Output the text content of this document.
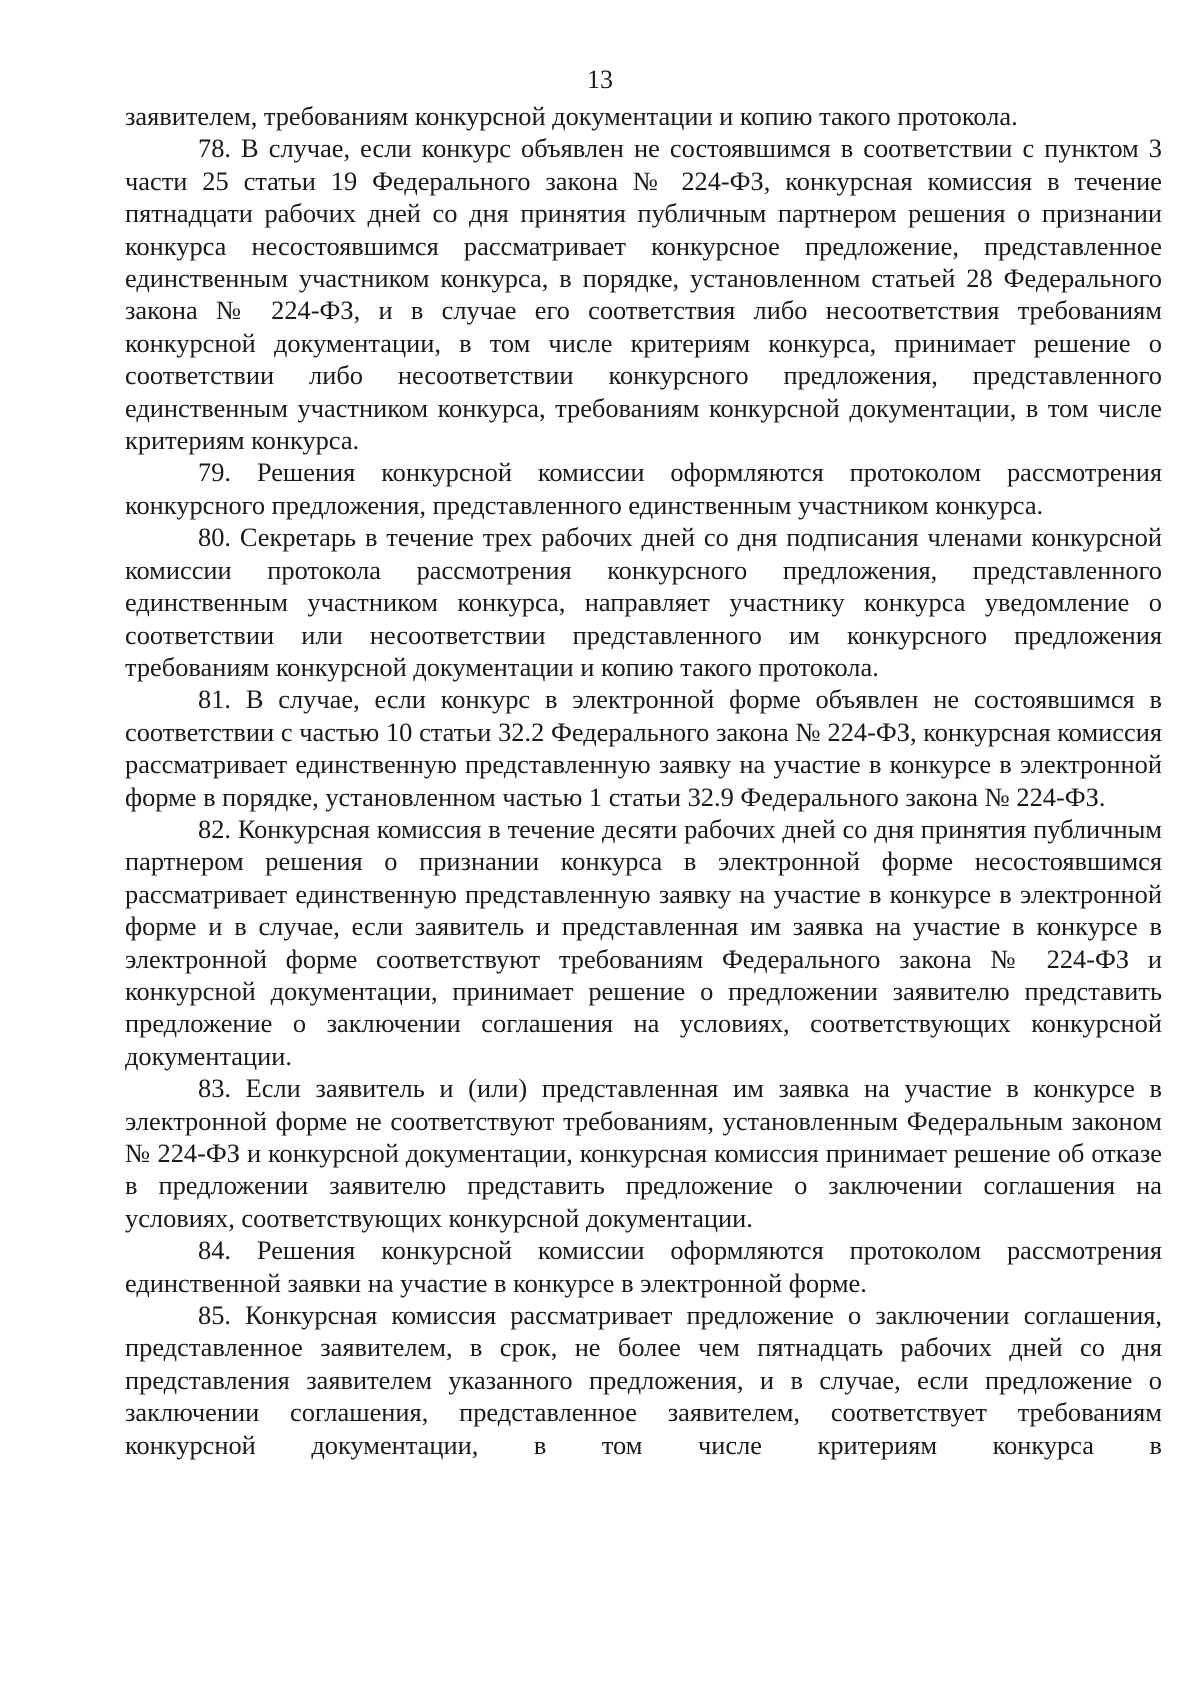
13

заявителем, требованиям конкурсной документации и копию такого протокола.

78. В случае, если конкурс объявлен не состоявшимся в соответствии с пунктом 3 части 25 статьи 19 Федерального закона № 224-ФЗ, конкурсная комиссия в течение пятнадцати рабочих дней со дня принятия публичным партнером решения о признании конкурса несостоявшимся рассматривает конкурсное предложение, представленное единственным участником конкурса, в порядке, установленном статьей 28 Федерального закона № 224-ФЗ, и в случае его соответствия либо несоответствия требованиям конкурсной документации, в том числе критериям конкурса, принимает решение о соответствии либо несоответствии конкурсного предложения, представленного единственным участником конкурса, требованиям конкурсной документации, в том числе критериям конкурса.

79. Решения конкурсной комиссии оформляются протоколом рассмотрения конкурсного предложения, представленного единственным участником конкурса.

80. Секретарь в течение трех рабочих дней со дня подписания членами конкурсной комиссии протокола рассмотрения конкурсного предложения, представленного единственным участником конкурса, направляет участнику конкурса уведомление о соответствии или несоответствии представленного им конкурсного предложения требованиям конкурсной документации и копию такого протокола.

81. В случае, если конкурс в электронной форме объявлен не состоявшимся в соответствии с частью 10 статьи 32.2 Федерального закона № 224-ФЗ, конкурсная комиссия рассматривает единственную представленную заявку на участие в конкурсе в электронной форме в порядке, установленном частью 1 статьи 32.9 Федерального закона № 224-ФЗ.

82. Конкурсная комиссия в течение десяти рабочих дней со дня принятия публичным партнером решения о признании конкурса в электронной форме несостоявшимся рассматривает единственную представленную заявку на участие в конкурсе в электронной форме и в случае, если заявитель и представленная им заявка на участие в конкурсе в электронной форме соответствуют требованиям Федерального закона № 224-ФЗ и конкурсной документации, принимает решение о предложении заявителю представить предложение о заключении соглашения на условиях, соответствующих конкурсной документации.

83. Если заявитель и (или) представленная им заявка на участие в конкурсе в электронной форме не соответствуют требованиям, установленным Федеральным законом № 224-ФЗ и конкурсной документации, конкурсная комиссия принимает решение об отказе в предложении заявителю представить предложение о заключении соглашения на условиях, соответствующих конкурсной документации.

84. Решения конкурсной комиссии оформляются протоколом рассмотрения единственной заявки на участие в конкурсе в электронной форме.

85. Конкурсная комиссия рассматривает предложение о заключении соглашения, представленное заявителем, в срок, не более чем пятнадцать рабочих дней со дня представления заявителем указанного предложения, и в случае, если предложение о заключении соглашения, представленное заявителем, соответствует требованиям конкурсной документации, в том числе критериям конкурса в
